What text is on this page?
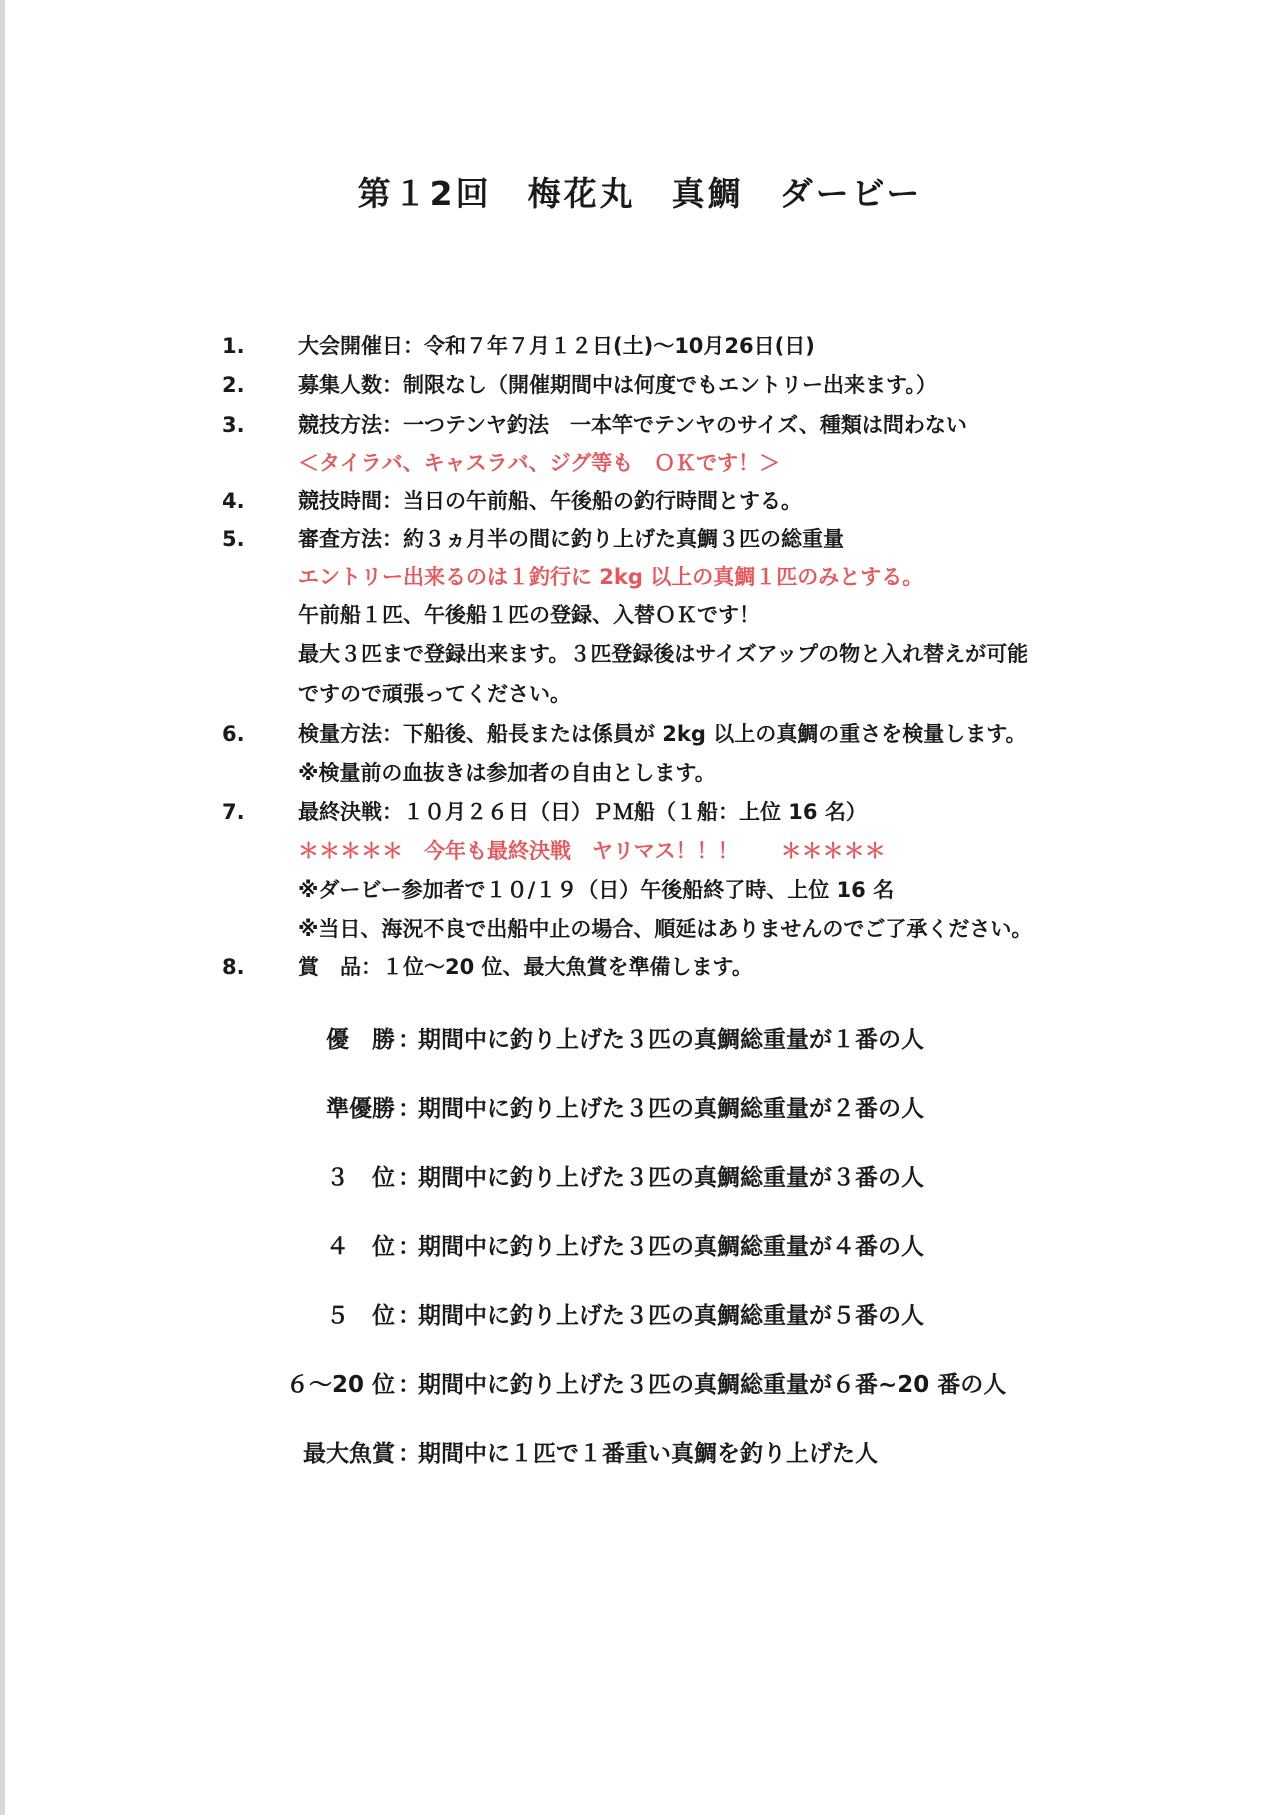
第１2回　梅花丸　真鯛　ダービー
1.	大会開催日：令和７年７月１２日(土)〜10月26日(日)
2.	募集人数：制限なし（開催期間中は何度でもエントリー出来ます。）
3.	競技方法：一つテンヤ釣法　一本竿でテンヤのサイズ、種類は問わない
＜タイラバ、キャスラバ、ジグ等も　ＯＫです！＞
4.	競技時間：当日の午前船、午後船の釣行時間とする。
5.	審査方法：約３ヵ月半の間に釣り上げた真鯛３匹の総重量
エントリー出来るのは１釣行に 2kg 以上の真鯛１匹のみとする。
午前船１匹、午後船１匹の登録、入替ＯＫです！
最大３匹まで登録出来ます。３匹登録後はサイズアップの物と入れ替えが可能
ですので頑張ってください。
6.	検量方法：下船後、船長または係員が 2kg 以上の真鯛の重さを検量します。
※検量前の血抜きは参加者の自由とします。
7.	最終決戦：１０月２６日（日）ＰＭ船（１船：上位 16 名）
＊＊＊＊＊　今年も最終決戦　ヤリマス！！！　　＊＊＊＊＊
※ダービー参加者で１０/１９（日）午後船終了時、上位 16 名
※当日、海況不良で出船中止の場合、順延はありませんのでご了承ください。
8.	賞　品：１位〜20 位、最大魚賞を準備します。
優　勝 ：
期間中に釣り上げた３匹の真鯛総重量が１番の人
準優勝 ：
期間中に釣り上げた３匹の真鯛総重量が２番の人
３　位 ：
期間中に釣り上げた３匹の真鯛総重量が３番の人
４　位 ：
期間中に釣り上げた３匹の真鯛総重量が４番の人
５　位 ：
期間中に釣り上げた３匹の真鯛総重量が５番の人
６〜20 位 ：
期間中に釣り上げた３匹の真鯛総重量が６番~20 番の人
最大魚賞 ：
期間中に１匹で１番重い真鯛を釣り上げた人
